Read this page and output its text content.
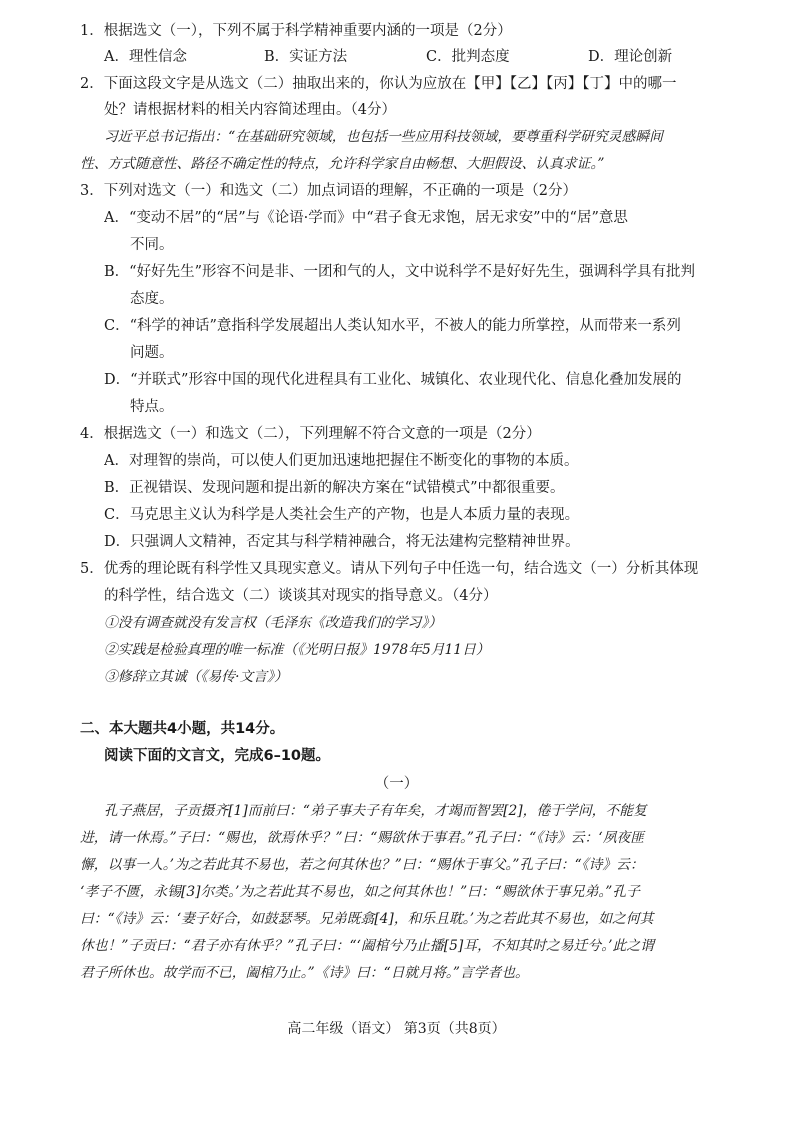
1．根据选文（一），下列不属于科学精神重要内涵的一项是（2分）
A．理性信念	B．实证方法	C．批判态度	D．理论创新
2．下面这段文字是从选文（二）抽取出来的，你认为应放在【甲】【乙】【丙】【丁】中的哪一
处？请根据材料的相关内容简述理由。（4分）
习近平总书记指出：“在基础研究领域，也包括一些应用科技领域，要尊重科学研究灵感瞬间
性、方式随意性、路径不确定性的特点，允许科学家自由畅想、大胆假设、认真求证。”
3．下列对选文（一）和选文（二）加点词语的理解，不正确的一项是（2分）
A．“变动不居”的“居”与《论语·学而》中“君子食无求饱，居无求安”中的“居”意思
不同。
B．“好好先生”形容不问是非、一团和气的人，文中说科学不是好好先生，强调科学具有批判
态度。
C．“科学的神话”意指科学发展超出人类认知水平，不被人的能力所掌控，从而带来一系列
问题。
D．“并联式”形容中国的现代化进程具有工业化、城镇化、农业现代化、信息化叠加发展的
特点。
4．根据选文（一）和选文（二），下列理解不符合文意的一项是（2分）
A．对理智的崇尚，可以使人们更加迅速地把握住不断变化的事物的本质。
B．正视错误、发现问题和提出新的解决方案在“试错模式”中都很重要。
C．马克思主义认为科学是人类社会生产的产物，也是人本质力量的表现。
D．只强调人文精神，否定其与科学精神融合，将无法建构完整精神世界。
5．优秀的理论既有科学性又具现实意义。请从下列句子中任选一句，结合选文（一）分析其体现
的科学性，结合选文（二）谈谈其对现实的指导意义。（4分）
①没有调查就没有发言权（毛泽东《改造我们的学习》）
②实践是检验真理的唯一标准（《光明日报》1978年5月11日）
③修辞立其诚（《易传·文言》）
二、本大题共4小题，共14分。
阅读下面的文言文，完成6–10题。
（一）
孔子燕居，子贡摄齐[1]而前曰：“弟子事夫子有年矣，才竭而智罢[2]，倦于学问，不能复
进，请一休焉。”子曰：“赐也，欲焉休乎？”曰：“赐欲休于事君。”孔子曰：“《诗》云：‘夙夜匪
懈，以事一人。’为之若此其不易也，若之何其休也？”曰：“赐休于事父。”孔子曰：“《诗》云：
‘孝子不匮，永锡[3]尔类。’为之若此其不易也，如之何其休也！”曰：“赐欲休于事兄弟。”孔子
曰：“《诗》云：‘妻子好合，如鼓瑟琴。兄弟既翕[4]，和乐且耽。’为之若此其不易也，如之何其
休也！”子贡曰：“君子亦有休乎？”孔子曰：“‘阖棺兮乃止播[5]耳，不知其时之易迁兮。’此之谓
君子所休也。故学而不已，阖棺乃止。”《诗》曰：“日就月将。”言学者也。
高二年级（语文） 第3页（共8页）
